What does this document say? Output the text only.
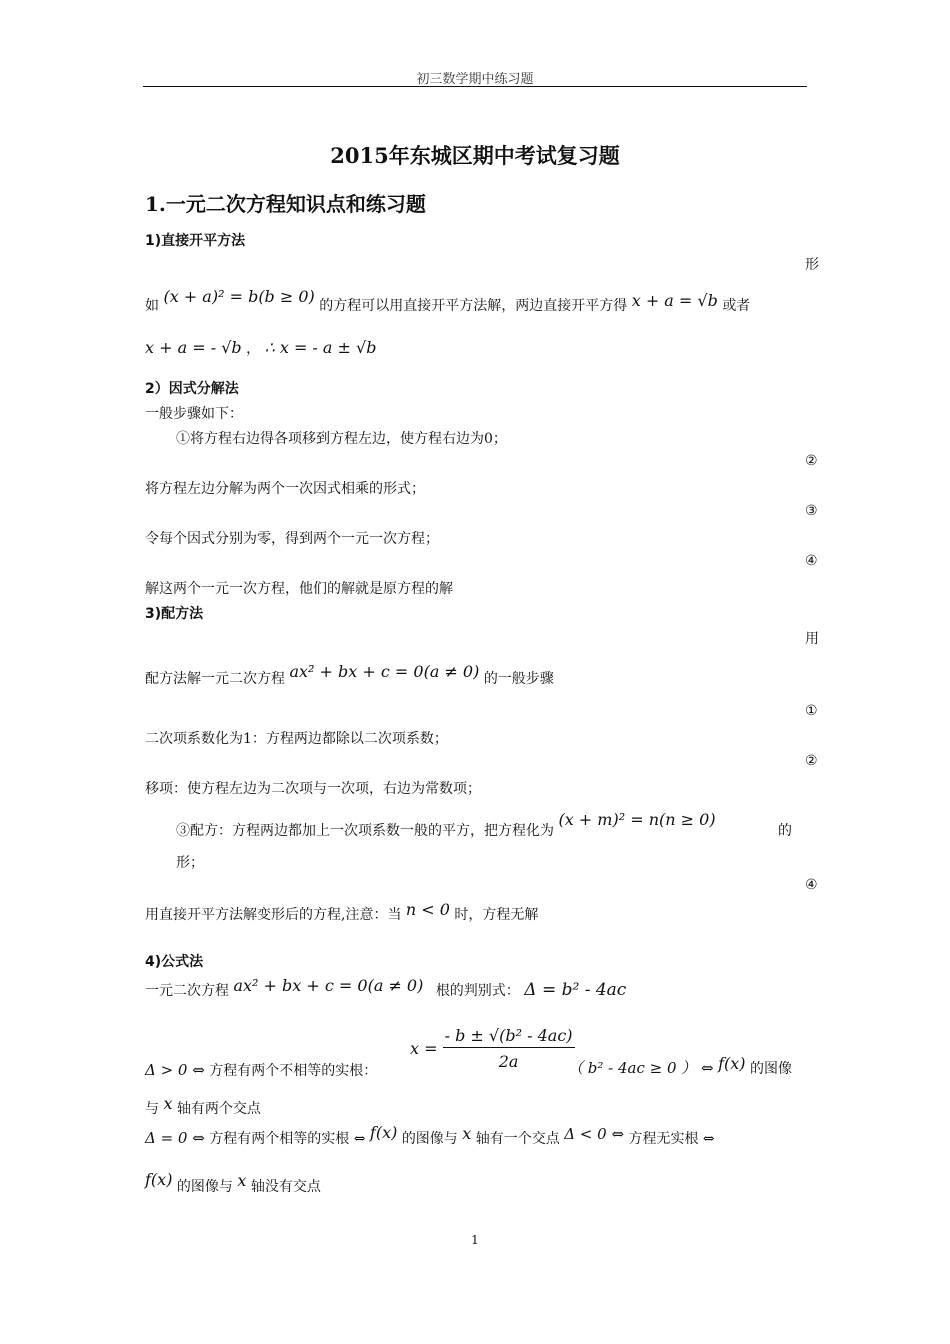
初三数学期中练习题
2015年东城区期中考试复习题
1.一元二次方程知识点和练习题
1)直接开平方法
形
如 (x + a)² = b(b ≥ 0) 的方程可以用直接开平方法解，两边直接开平方得 x + a = √b 或者
x + a = - √b ， ∴ x = - a ± √b
2）因式分解法
一般步骤如下：
①将方程右边得各项移到方程左边，使方程右边为0；
②
将方程左边分解为两个一次因式相乘的形式；
③
令每个因式分别为零，得到两个一元一次方程；
④
解这两个一元一次方程，他们的解就是原方程的解
3)配方法
用
配方法解一元二次方程 ax² + bx + c = 0(a ≠ 0) 的一般步骤
①
二次项系数化为1：方程两边都除以二次项系数；
②
移项：使方程左边为二次项与一次项，右边为常数项；
③配方：方程两边都加上一次项系数一般的平方，把方程化为 (x + m)² = n(n ≥ 0)
的
形；
④
用直接开平方法解变形后的方程,注意：当 n < 0 时，方程无解
4)公式法
一元二次方程 ax² + bx + c = 0(a ≠ 0) 根的判别式： Δ = b² - 4ac
$x = \frac{\text{- b ± √(b² - 4ac)}}{2a}$
Δ > 0 ⇔ 方程有两个不相等的实根：	（ b² - 4ac ≥ 0 ） ⇔ f(x) 的图像
与 x 轴有两个交点
Δ = 0 ⇔ 方程有两个相等的实根 ⇔ f(x) 的图像与 x 轴有一个交点 Δ < 0 ⇔ 方程无实根 ⇔
f(x) 的图像与 x 轴没有交点
1
